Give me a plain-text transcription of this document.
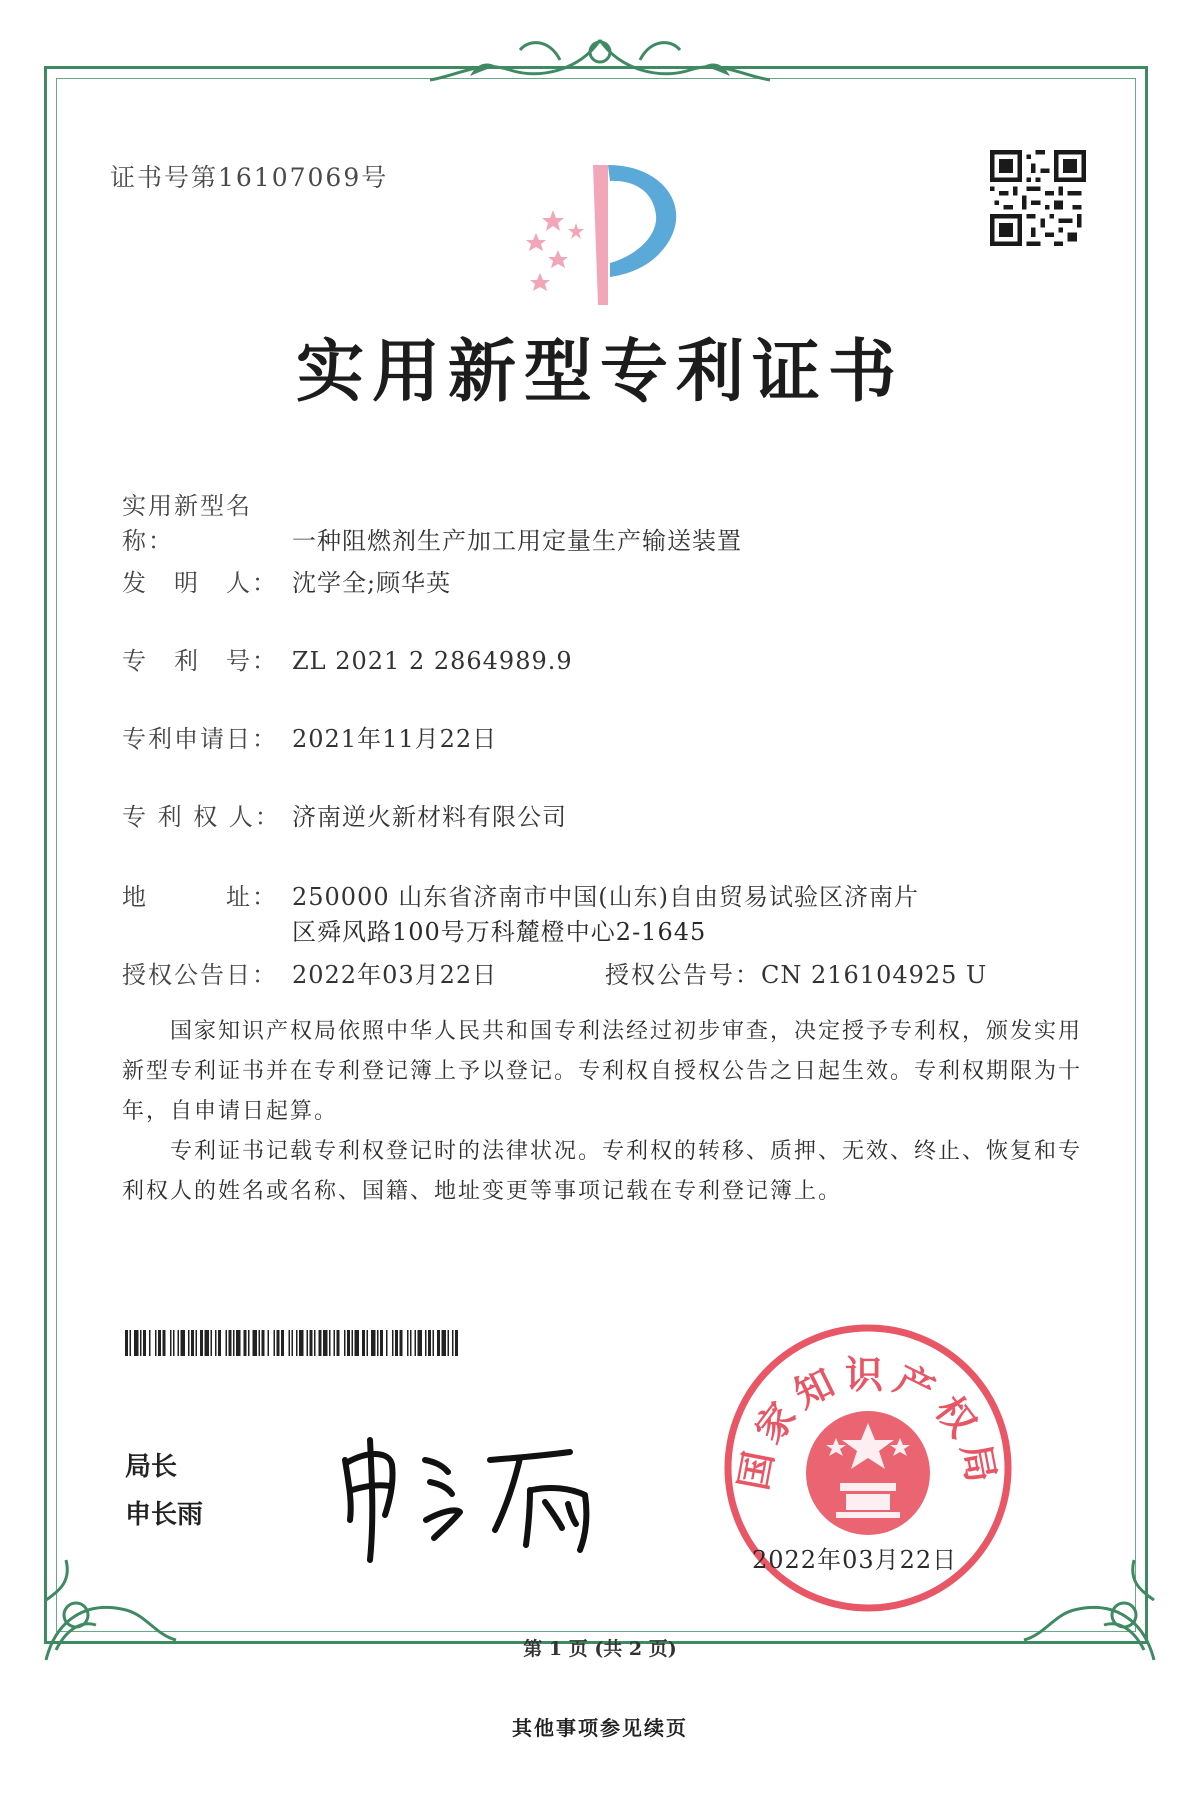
证书号第16107069号
实用新型专利证书
实用新型名称：	一种阻燃剂生产加工用定量生产输送装置
发　明　人： 沈学全;顾华英
专　利　号： ZL 2021 2 2864989.9
专利申请日： 2021年11月22日
专 利 权 人： 济南逆火新材料有限公司
地　　　址： 250000 山东省济南市中国(山东)自由贸易试验区济南片
区舜风路100号万科麓橙中心2-1645
授权公告日： 2022年03月22日	授权公告号：CN 216104925 U

国家知识产权局依照中华人民共和国专利法经过初步审查，决定授予专利权，颁发实用新型专利证书并在专利登记簿上予以登记。专利权自授权公告之日起生效。专利权期限为十年，自申请日起算。

专利证书记载专利权登记时的法律状况。专利权的转移、质押、无效、终止、恢复和专利权人的姓名或名称、国籍、地址变更等事项记载在专利登记簿上。

局长
申长雨
国家知识产权局
2022年03月22日
第 1 页 (共 2 页)
其他事项参见续页
